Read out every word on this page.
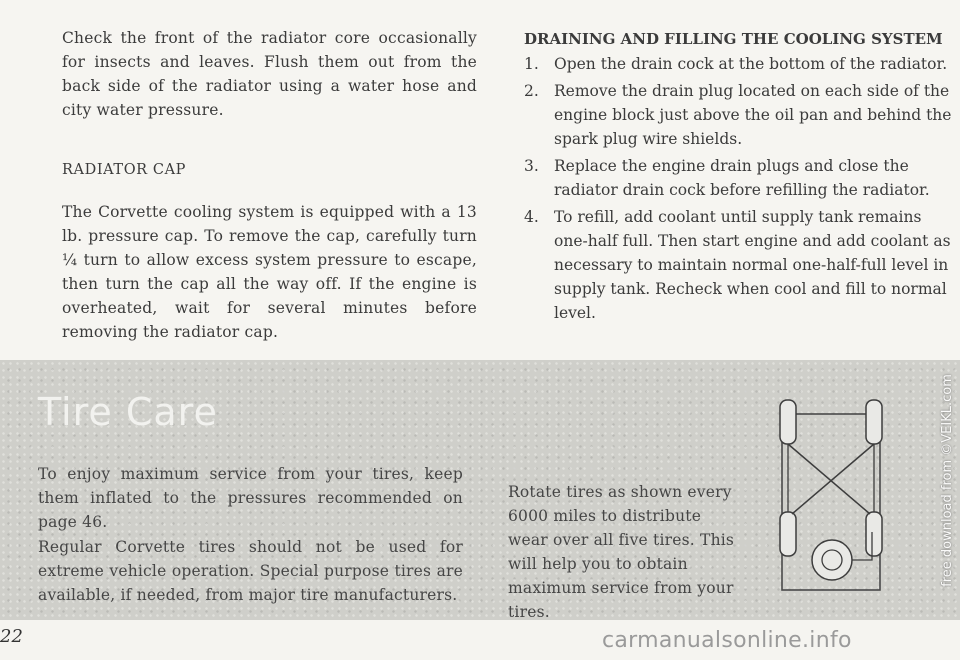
Check the front of the radiator core occasionally for insects and leaves. Flush them out from the back side of the radiator using a water hose and city water pressure.

RADIATOR CAP

The Corvette cooling system is equipped with a 13 lb. pressure cap. To remove the cap, carefully turn ¼ turn to allow excess system pressure to escape, then turn the cap all the way off. If the engine is overheated, wait for several minutes before removing the radiator cap.

DRAINING AND FILLING THE COOLING SYSTEM
1. Open the drain cock at the bottom of the radiator.
2. Remove the drain plug located on each side of the engine block just above the oil pan and behind the spark plug wire shields.
3. Replace the engine drain plugs and close the radiator drain cock before refilling the radiator.
4. To refill, add coolant until supply tank remains one-half full. Then start engine and add coolant as necessary to maintain normal one-half-full level in supply tank. Recheck when cool and fill to normal level.
Tire Care

To enjoy maximum service from your tires, keep them inflated to the pressures recommended on page 46.

Regular Corvette tires should not be used for extreme vehicle operation. Special purpose tires are available, if needed, from major tire manufacturers.

Rotate tires as shown every 6000 miles to distribute wear over all five tires. This will help you to obtain maximum service from your tires.

free download from ©VEIKL.com
22	carmanualsonline.info
